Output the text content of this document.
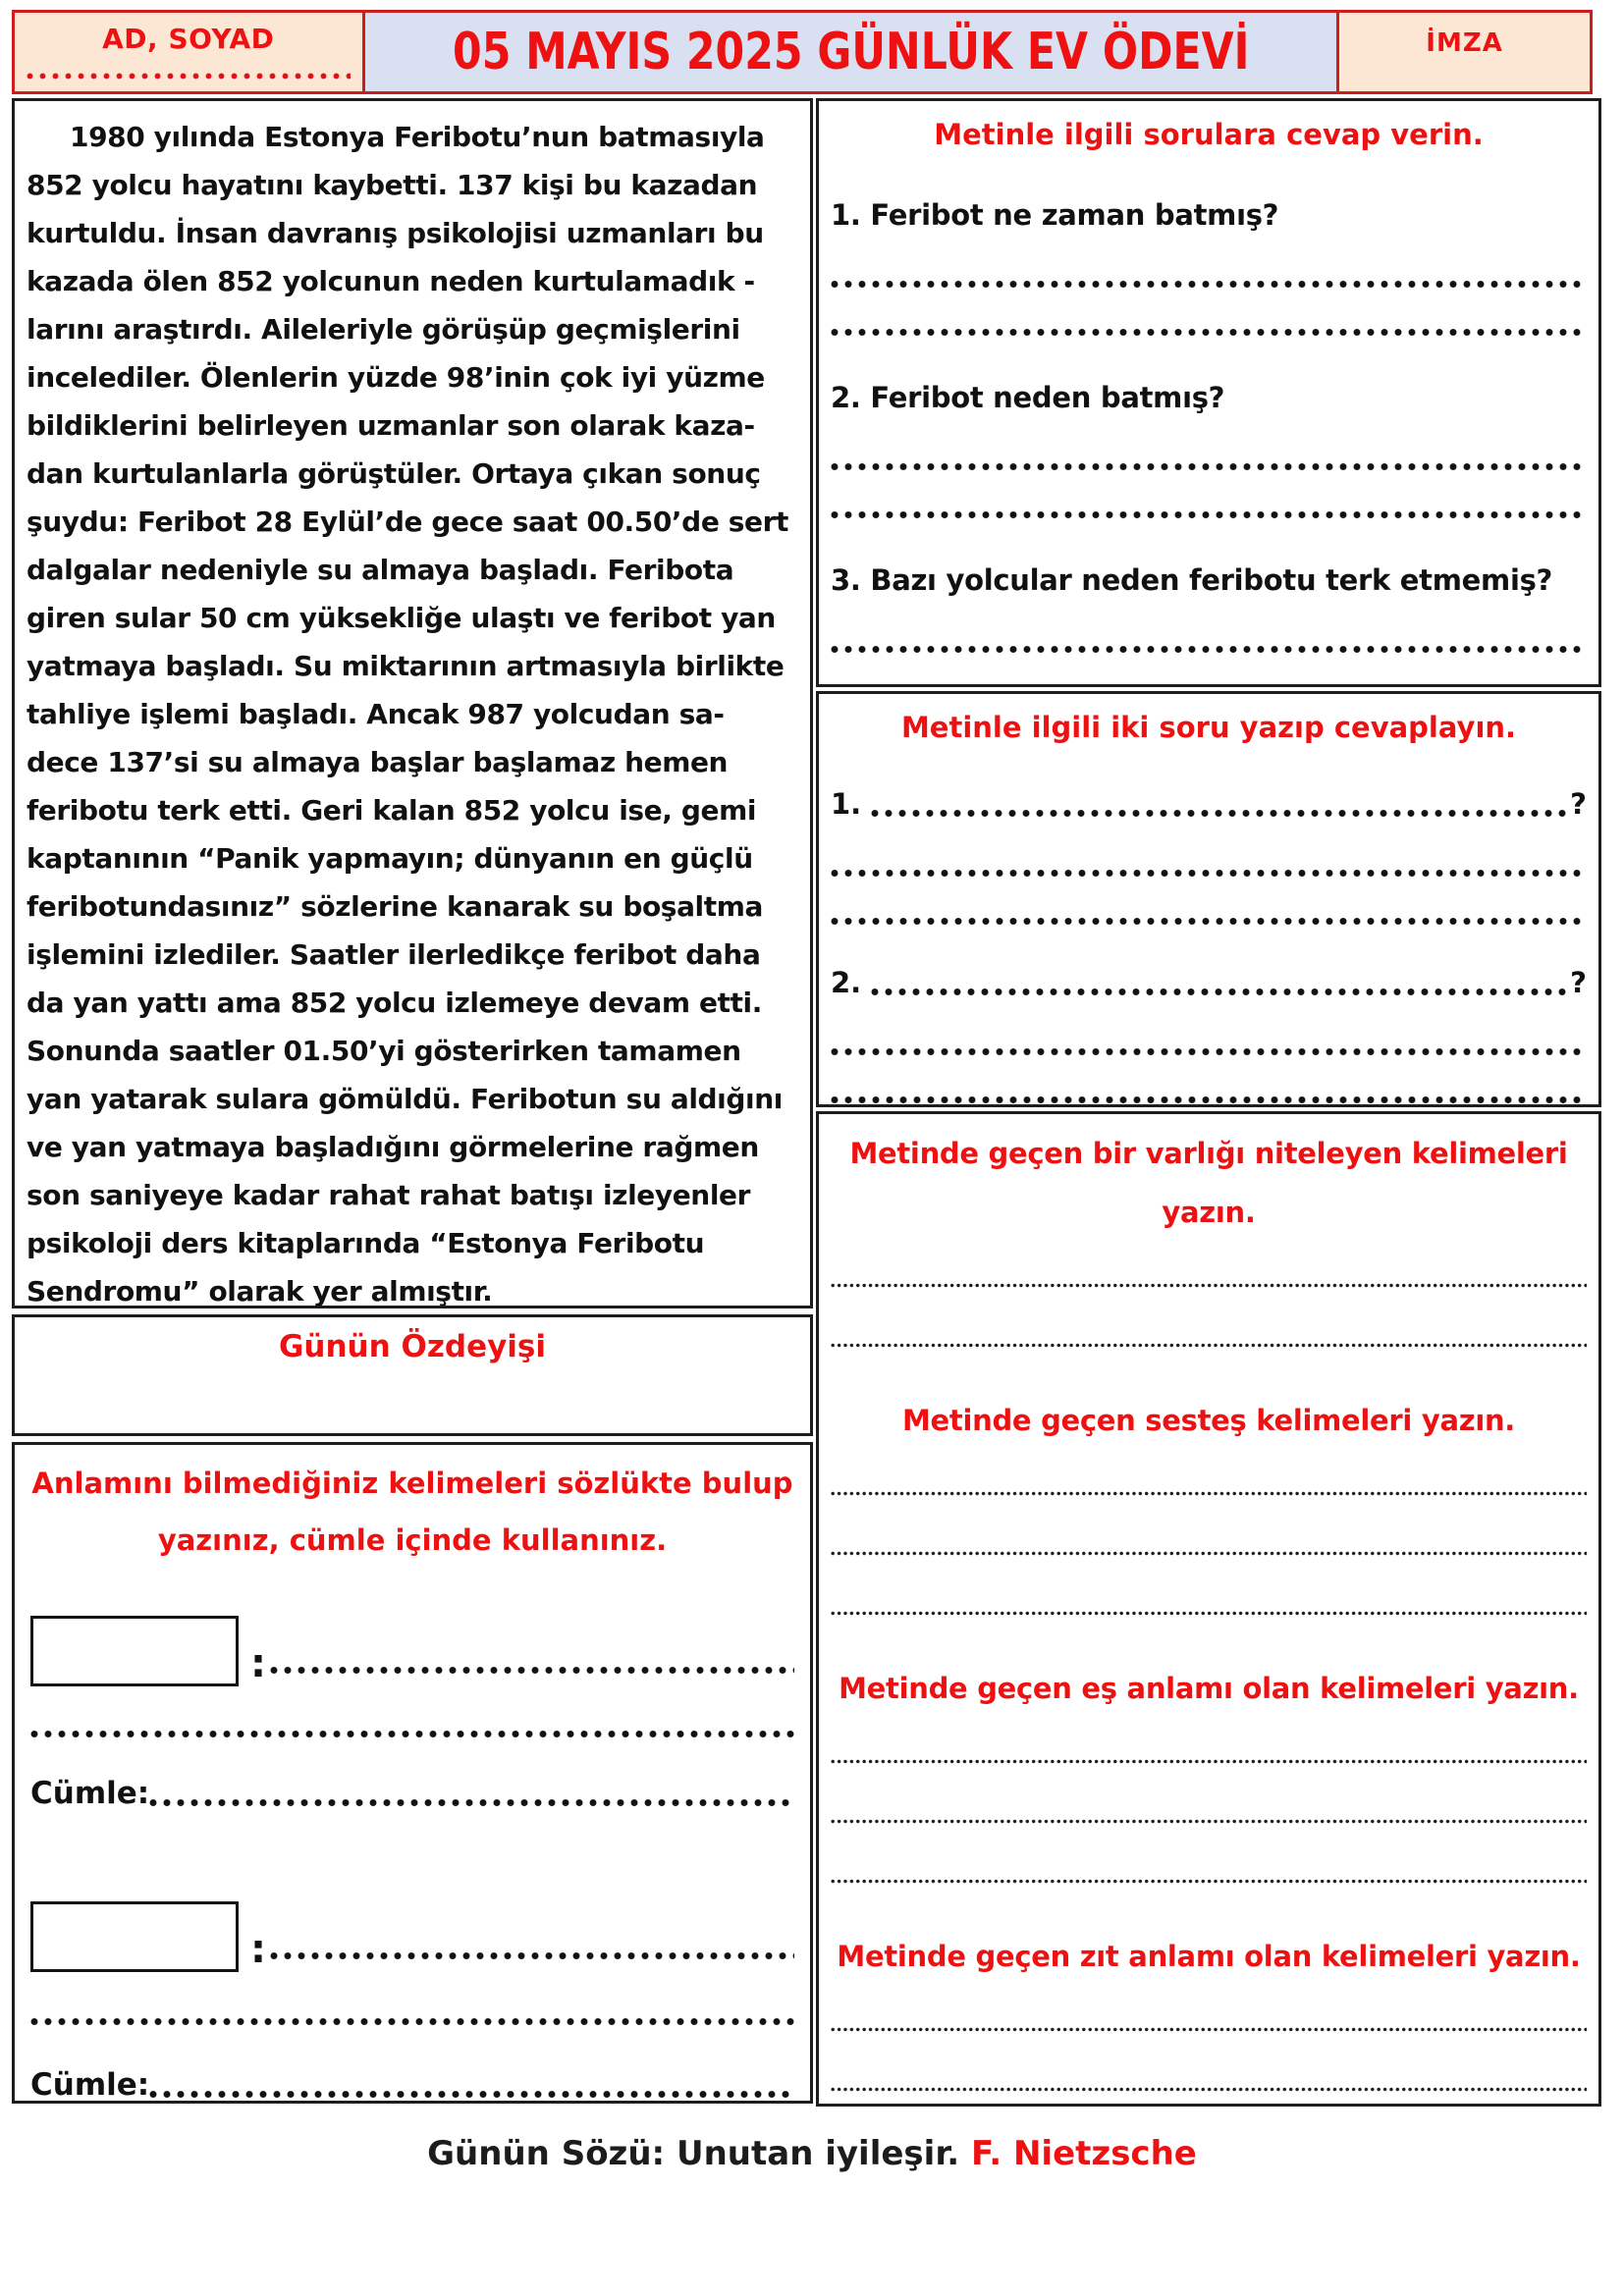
AD, SOYAD	05 MAYIS 2025 GÜNLÜK EV ÖDEVİ	İMZA
1980 yılında Estonya Feribotu’nun batmasıyla
852 yolcu hayatını kaybetti. 137 kişi bu kazadan
kurtuldu. İnsan davranış psikolojisi uzmanları bu
kazada ölen 852 yolcunun neden kurtulamadık -
larını araştırdı. Aileleriyle görüşüp geçmişlerini
incelediler. Ölenlerin yüzde 98’inin çok iyi yüzme
bildiklerini belirleyen uzmanlar son olarak kaza-
dan kurtulanlarla görüştüler. Ortaya çıkan sonuç
şuydu: Feribot 28 Eylül’de gece saat 00.50’de sert
dalgalar nedeniyle su almaya başladı. Feribota
giren sular 50 cm yüksekliğe ulaştı ve feribot yan
yatmaya başladı. Su miktarının artmasıyla birlikte
tahliye işlemi başladı. Ancak 987 yolcudan sa-
dece 137’si su almaya başlar başlamaz hemen
feribotu terk etti. Geri kalan 852 yolcu ise, gemi
kaptanının “Panik yapmayın; dünyanın en güçlü
feribotundasınız” sözlerine kanarak su boşaltma
işlemini izlediler. Saatler ilerledikçe feribot daha
da yan yattı ama 852 yolcu izlemeye devam etti.
Sonunda saatler 01.50’yi gösterirken tamamen
yan yatarak sulara gömüldü. Feribotun su aldığını
ve yan yatmaya başladığını görmelerine rağmen
son saniyeye kadar rahat rahat batışı izleyenler
psikoloji ders kitaplarında “Estonya Feribotu
Sendromu” olarak yer almıştır.
Günün Özdeyişi
Anlamını bilmediğiniz kelimeleri sözlükte bulup
yazınız, cümle içinde kullanınız.
:
Cümle:
:
Cümle:
Metinle ilgili sorulara cevap verin.
1. Feribot ne zaman batmış?
2. Feribot neden batmış?
3. Bazı yolcular neden feribotu terk etmemiş?
Metinle ilgili iki soru yazıp cevaplayın.
1.	?
2.	?
Metinde geçen bir varlığı niteleyen kelimeleri
yazın.
Metinde geçen sesteş kelimeleri yazın.
Metinde geçen eş anlamı olan kelimeleri yazın.
Metinde geçen zıt anlamı olan kelimeleri yazın.
Günün Sözü: Unutan iyileşir. F. Nietzsche
